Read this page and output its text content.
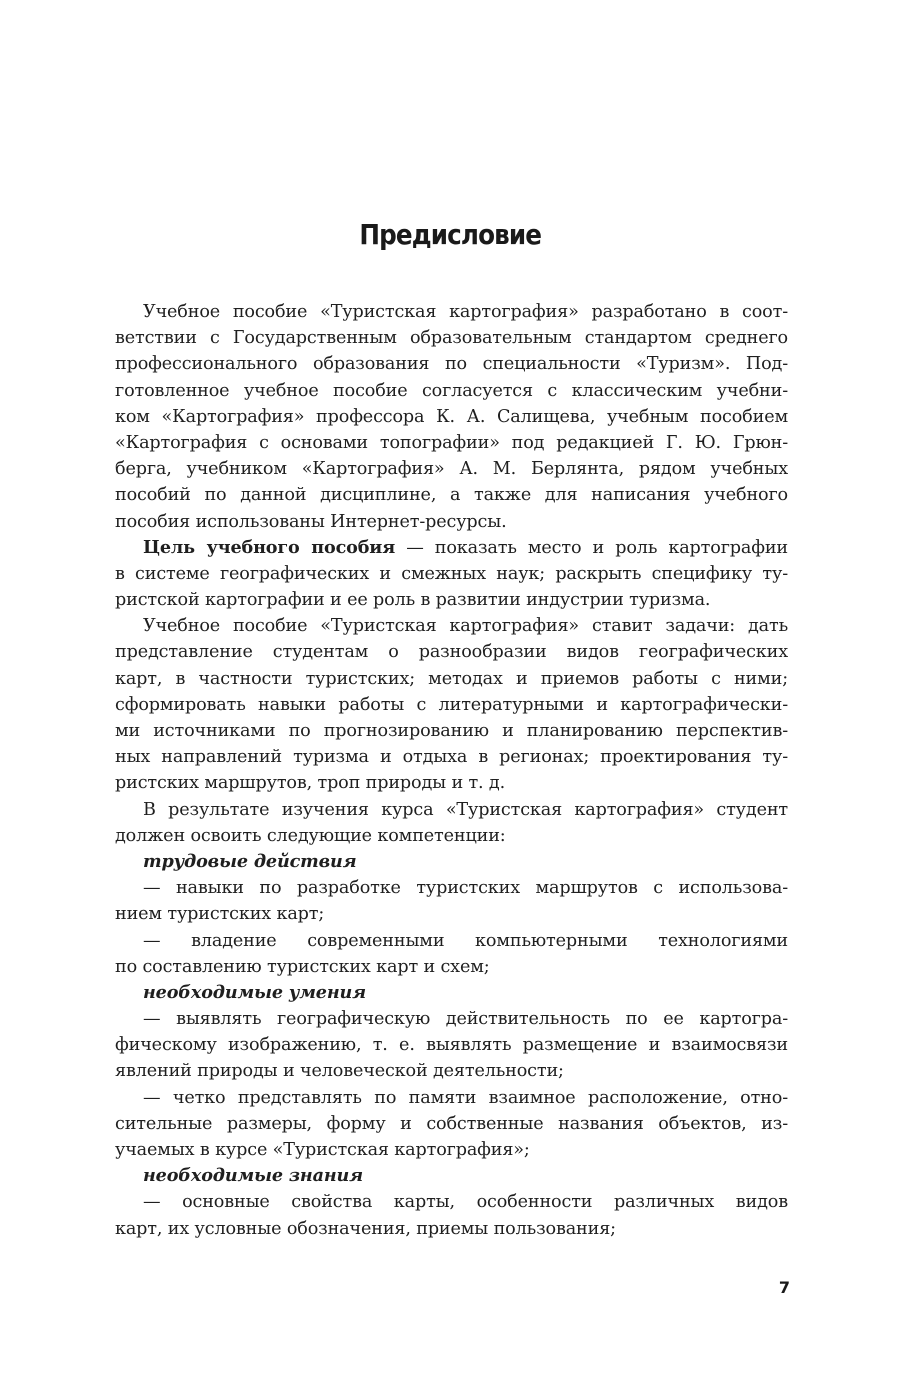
Предисловие
Учебное пособие «Туристская картография» разработано в соот-
ветствии с Государственным образовательным стандартом среднего
профессионального образования по специальности «Туризм». Под-
готовленное учебное пособие согласуется с классическим учебни-
ком «Картография» профессора К. А. Салищева, учебным пособием
«Картография с основами топографии» под редакцией Г. Ю. Грюн-
берга, учебником «Картография» А. М. Берлянта, рядом учебных
пособий по данной дисциплине, а также для написания учебного
пособия использованы Интернет-ресурсы.
Цель учебного пособия — показать место и роль картографии
в системе географических и смежных наук; раскрыть специфику ту-
ристской картографии и ее роль в развитии индустрии туризма.
Учебное пособие «Туристская картография» ставит задачи: дать
представление студентам о разнообразии видов географических
карт, в частности туристских; методах и приемов работы с ними;
сформировать навыки работы с литературными и картографически-
ми источниками по прогнозированию и планированию перспектив-
ных направлений туризма и отдыха в регионах; проектирования ту-
ристских маршрутов, троп природы и т. д.
В результате изучения курса «Туристская картография» студент
должен освоить следующие компетенции:
трудовые действия
— навыки по разработке туристских маршрутов с использова-
нием туристских карт;
— владение современными компьютерными технологиями
по составлению туристских карт и схем;
необходимые умения
— выявлять географическую действительность по ее картогра-
фическому изображению, т. е. выявлять размещение и взаимосвязи
явлений природы и человеческой деятельности;
— четко представлять по памяти взаимное расположение, отно-
сительные размеры, форму и собственные названия объектов, из-
учаемых в курсе «Туристская картография»;
необходимые знания
— основные свойства карты, особенности различных видов
карт, их условные обозначения, приемы пользования;
7
